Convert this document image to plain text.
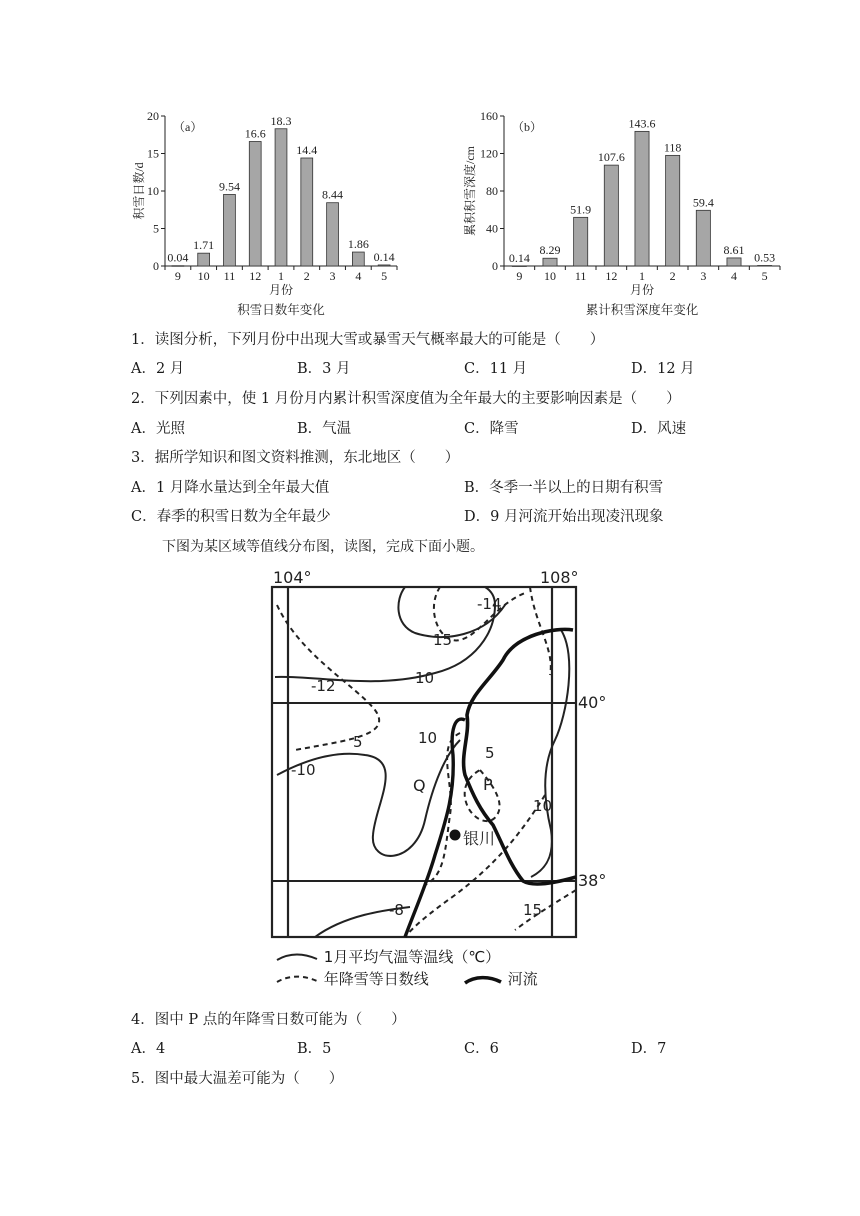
0
5
10
15
20
0.04
9
1.71
10
9.54
11
16.6
12
18.3
1
14.4
2
8.44
3
1.86
4
0.14
5
（a）
月份
积雪日数年变化
积雪日数/d
0
40
80
120
160
0.14
9
8.29
10
51.9
11
107.6
12
143.6
1
118
2
59.4
3
8.61
4
0.53
5
（b）
月份
累计积雪深度年变化
累积积雪深度/cm
1．读图分析，下列月份中出现大雪或暴雪天气概率最大的可能是（　　）
A．2 月	B．3 月	C．11 月	D．12 月
2．下列因素中，使 1 月份月内累计积雪深度值为全年最大的主要影响因素是（　　）
A．光照	B．气温	C．降雪	D．风速
3．据所学知识和图文资料推测，东北地区（　　）
A．1 月降水量达到全年最大值	B．冬季一半以上的日期有积雪
C．春季的积雪日数为全年最少	D．9 月河流开始出现凌汛现象
下图为某区域等值线分布图，读图，完成下面小题。
104°	108°
40°
38°
-14
-12
-10
-8
15
10
5	10
5
10
15
Q	P
银川
1月平均气温等温线（℃）
年降雪等日数线	河流
4．图中 P 点的年降雪日数可能为（　　）
A．4	B．5	C．6	D．7
5．图中最大温差可能为（　　）
